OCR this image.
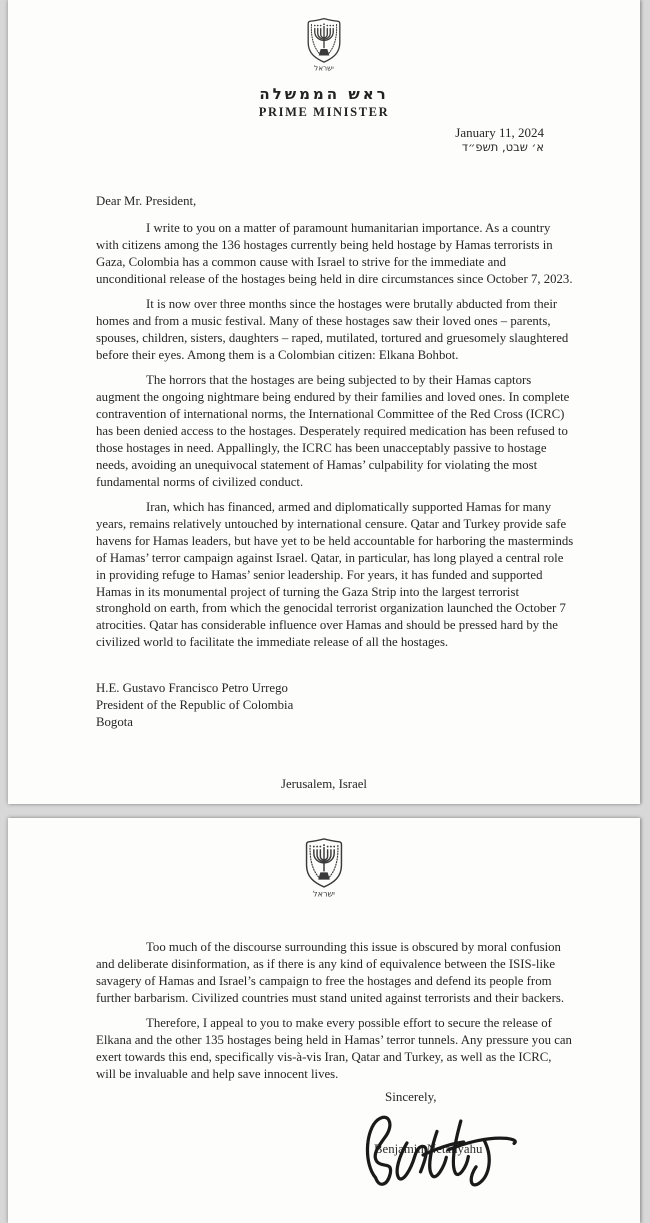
ישראל
ראש הממשלה
PRIME MINISTER
January 11, 2024
א׳ שבט, תשפ״ד
Dear Mr. President,

I write to you on a matter of paramount humanitarian importance. As a country with citizens among the 136 hostages currently being held hostage by Hamas terrorists in Gaza, Colombia has a common cause with Israel to strive for the immediate and unconditional release of the hostages being held in dire circumstances since October 7, 2023.

It is now over three months since the hostages were brutally abducted from their homes and from a music festival. Many of these hostages saw their loved ones – parents, spouses, children, sisters, daughters – raped, mutilated, tortured and gruesomely slaughtered before their eyes. Among them is a Colombian citizen: Elkana Bohbot.

The horrors that the hostages are being subjected to by their Hamas captors augment the ongoing nightmare being endured by their families and loved ones. In complete contravention of international norms, the International Committee of the Red Cross (ICRC) has been denied access to the hostages. Desperately required medication has been refused to those hostages in need. Appallingly, the ICRC has been unacceptably passive to hostage needs, avoiding an unequivocal statement of Hamas’ culpability for violating the most fundamental norms of civilized conduct.

Iran, which has financed, armed and diplomatically supported Hamas for many years, remains relatively untouched by international censure. Qatar and Turkey provide safe havens for Hamas leaders, but have yet to be held accountable for harboring the masterminds of Hamas’ terror campaign against Israel. Qatar, in particular, has long played a central role in providing refuge to Hamas’ senior leadership. For years, it has funded and supported Hamas in its monumental project of turning the Gaza Strip into the largest terrorist stronghold on earth, from which the genocidal terrorist organization launched the October 7 atrocities. Qatar has considerable influence over Hamas and should be pressed hard by the civilized world to facilitate the immediate release of all the hostages.

H.E. Gustavo Francisco Petro Urrego
President of the Republic of Colombia
Bogota
Jerusalem, Israel
ישראל

Too much of the discourse surrounding this issue is obscured by moral confusion and deliberate disinformation, as if there is any kind of equivalence between the ISIS-like savagery of Hamas and Israel’s campaign to free the hostages and defend its people from further barbarism. Civilized countries must stand united against terrorists and their backers.

Therefore, I appeal to you to make every possible effort to secure the release of Elkana and the other 135 hostages being held in Hamas’ terror tunnels. Any pressure you can exert towards this end, specifically vis-à-vis Iran, Qatar and Turkey, as well as the ICRC, will be invaluable and help save innocent lives.

Sincerely,
Benjamin Netanyahu
